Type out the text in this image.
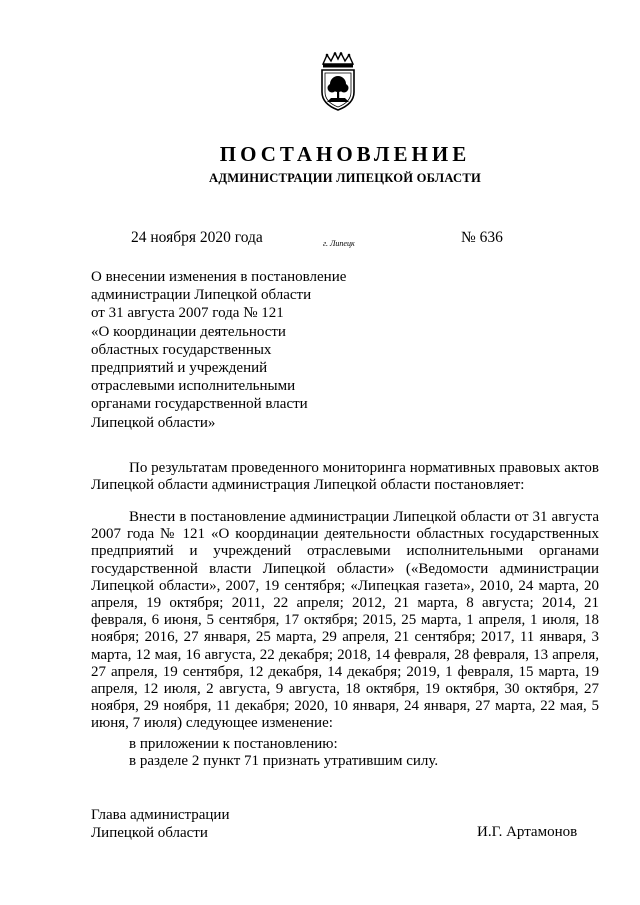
ПОСТАНОВЛЕНИЕ
АДМИНИСТРАЦИИ ЛИПЕЦКОЙ ОБЛАСТИ
24 ноября 2020 года	г. Липецк	№ 636
О внесении изменения в постановление
администрации Липецкой области
от 31 августа 2007 года № 121
«О координации деятельности
областных государственных
предприятий и учреждений
отраслевыми исполнительными
органами государственной власти
Липецкой области»
По результатам проведенного мониторинга нормативных правовых актов Липецкой области администрация Липецкой области постановляет:
Внести в постановление администрации Липецкой области от 31 августа 2007 года № 121 «О координации деятельности областных государственных предприятий и учреждений отраслевыми исполнительными органами государственной власти Липецкой области» («Ведомости администрации Липецкой области», 2007, 19 сентября; «Липецкая газета», 2010, 24 марта, 20 апреля, 19 октября; 2011, 22 апреля; 2012, 21 марта, 8 августа; 2014, 21 февраля, 6 июня, 5 сентября, 17 октября; 2015, 25 марта, 1 апреля, 1 июля, 18 ноября; 2016, 27 января, 25 марта, 29 апреля, 21 сентября; 2017, 11 января, 3 марта, 12 мая, 16 августа, 22 декабря; 2018, 14 февраля, 28 февраля, 13 апреля, 27 апреля, 19 сентября, 12 декабря, 14 декабря; 2019, 1 февраля, 15 марта, 19 апреля, 12 июля, 2 августа, 9 августа, 18 октября, 19 октября, 30 октября, 27 ноября, 29 ноября, 11 декабря; 2020, 10 января, 24 января, 27 марта, 22 мая, 5 июня, 7 июля) следующее изменение:
в приложении к постановлению:
в разделе 2 пункт 71 признать утратившим силу.
Глава администрации
Липецкой области	И.Г. Артамонов
